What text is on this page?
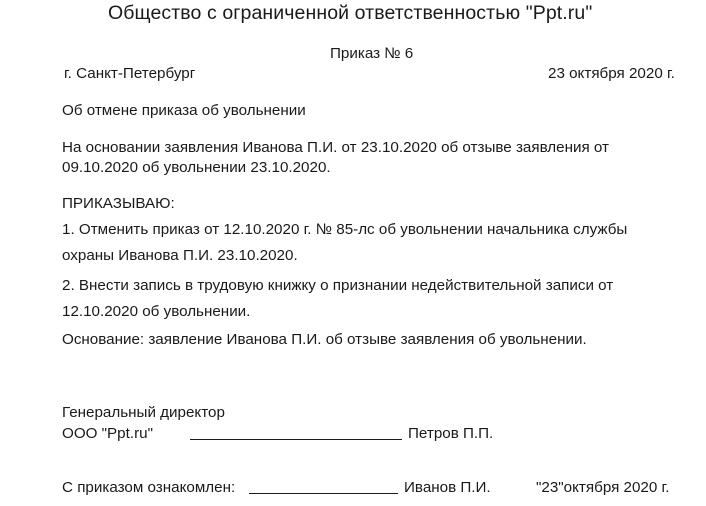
Общество с ограниченной ответственностью "Ppt.ru"
Приказ № 6
г. Санкт-Петербург	23 октября 2020 г.
Об отмене приказа об увольнении
На основании заявления Иванова П.И. от 23.10.2020 об отзыве заявления от
09.10.2020 об увольнении 23.10.2020.
ПРИКАЗЫВАЮ:
1. Отменить приказ от 12.10.2020 г. № 85-лс об увольнении начальника службы
охраны Иванова П.И. 23.10.2020.
2. Внести запись в трудовую книжку о признании недействительной записи от
12.10.2020 об увольнении.
Основание: заявление Иванова П.И. об отзыве заявления об увольнении.
Генеральный директор
ООО "Ppt.ru"	Петров П.П.
С приказом ознакомлен:	Иванов П.И.	"23"октября 2020 г.
